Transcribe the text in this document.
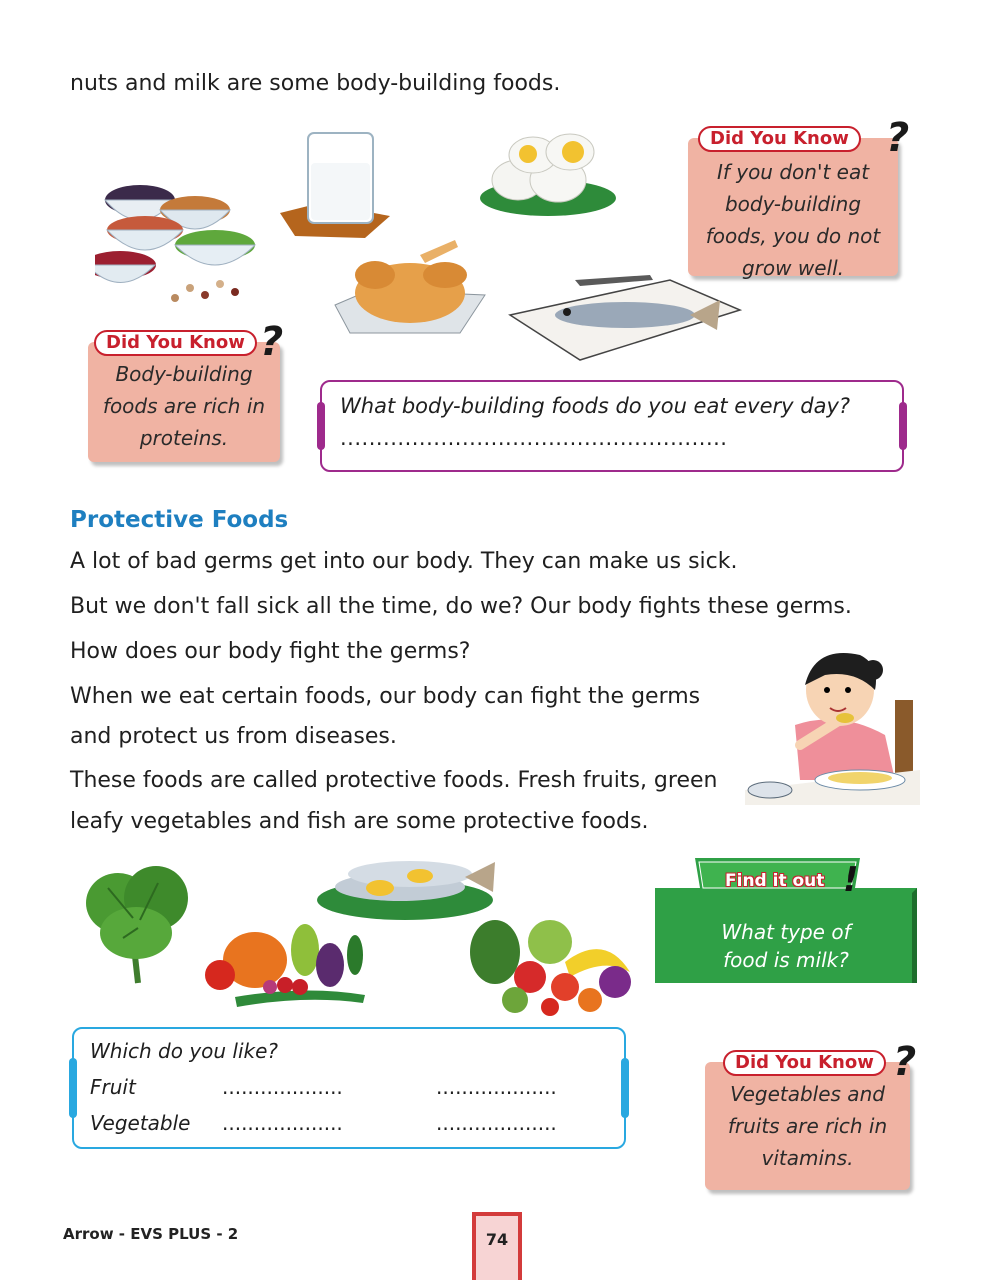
nuts and milk are some body-building foods.
Did You Know ?
If you don't eat
body-building
foods, you do not
grow well.
Did You Know ?
Body-building
foods are rich in
proteins.
What body-building foods do you eat every day?
......................................................
Protective Foods
A lot of bad germs get into our body. They can make us sick.
But we don't fall sick all the time, do we? Our body fights these germs.
How does our body fight the germs?
When we eat certain foods, our body can fight the germs
and protect us from diseases.
These foods are called protective foods. Fresh fruits, green
leafy vegetables and fish are some protective foods.
Find it out !
What type of
food is milk?
Which do you like?
Fruit	...................	...................
Vegetable ...................	...................
Did You Know ?
Vegetables and
fruits are rich in
vitamins.
Arrow - EVS PLUS - 2	74
